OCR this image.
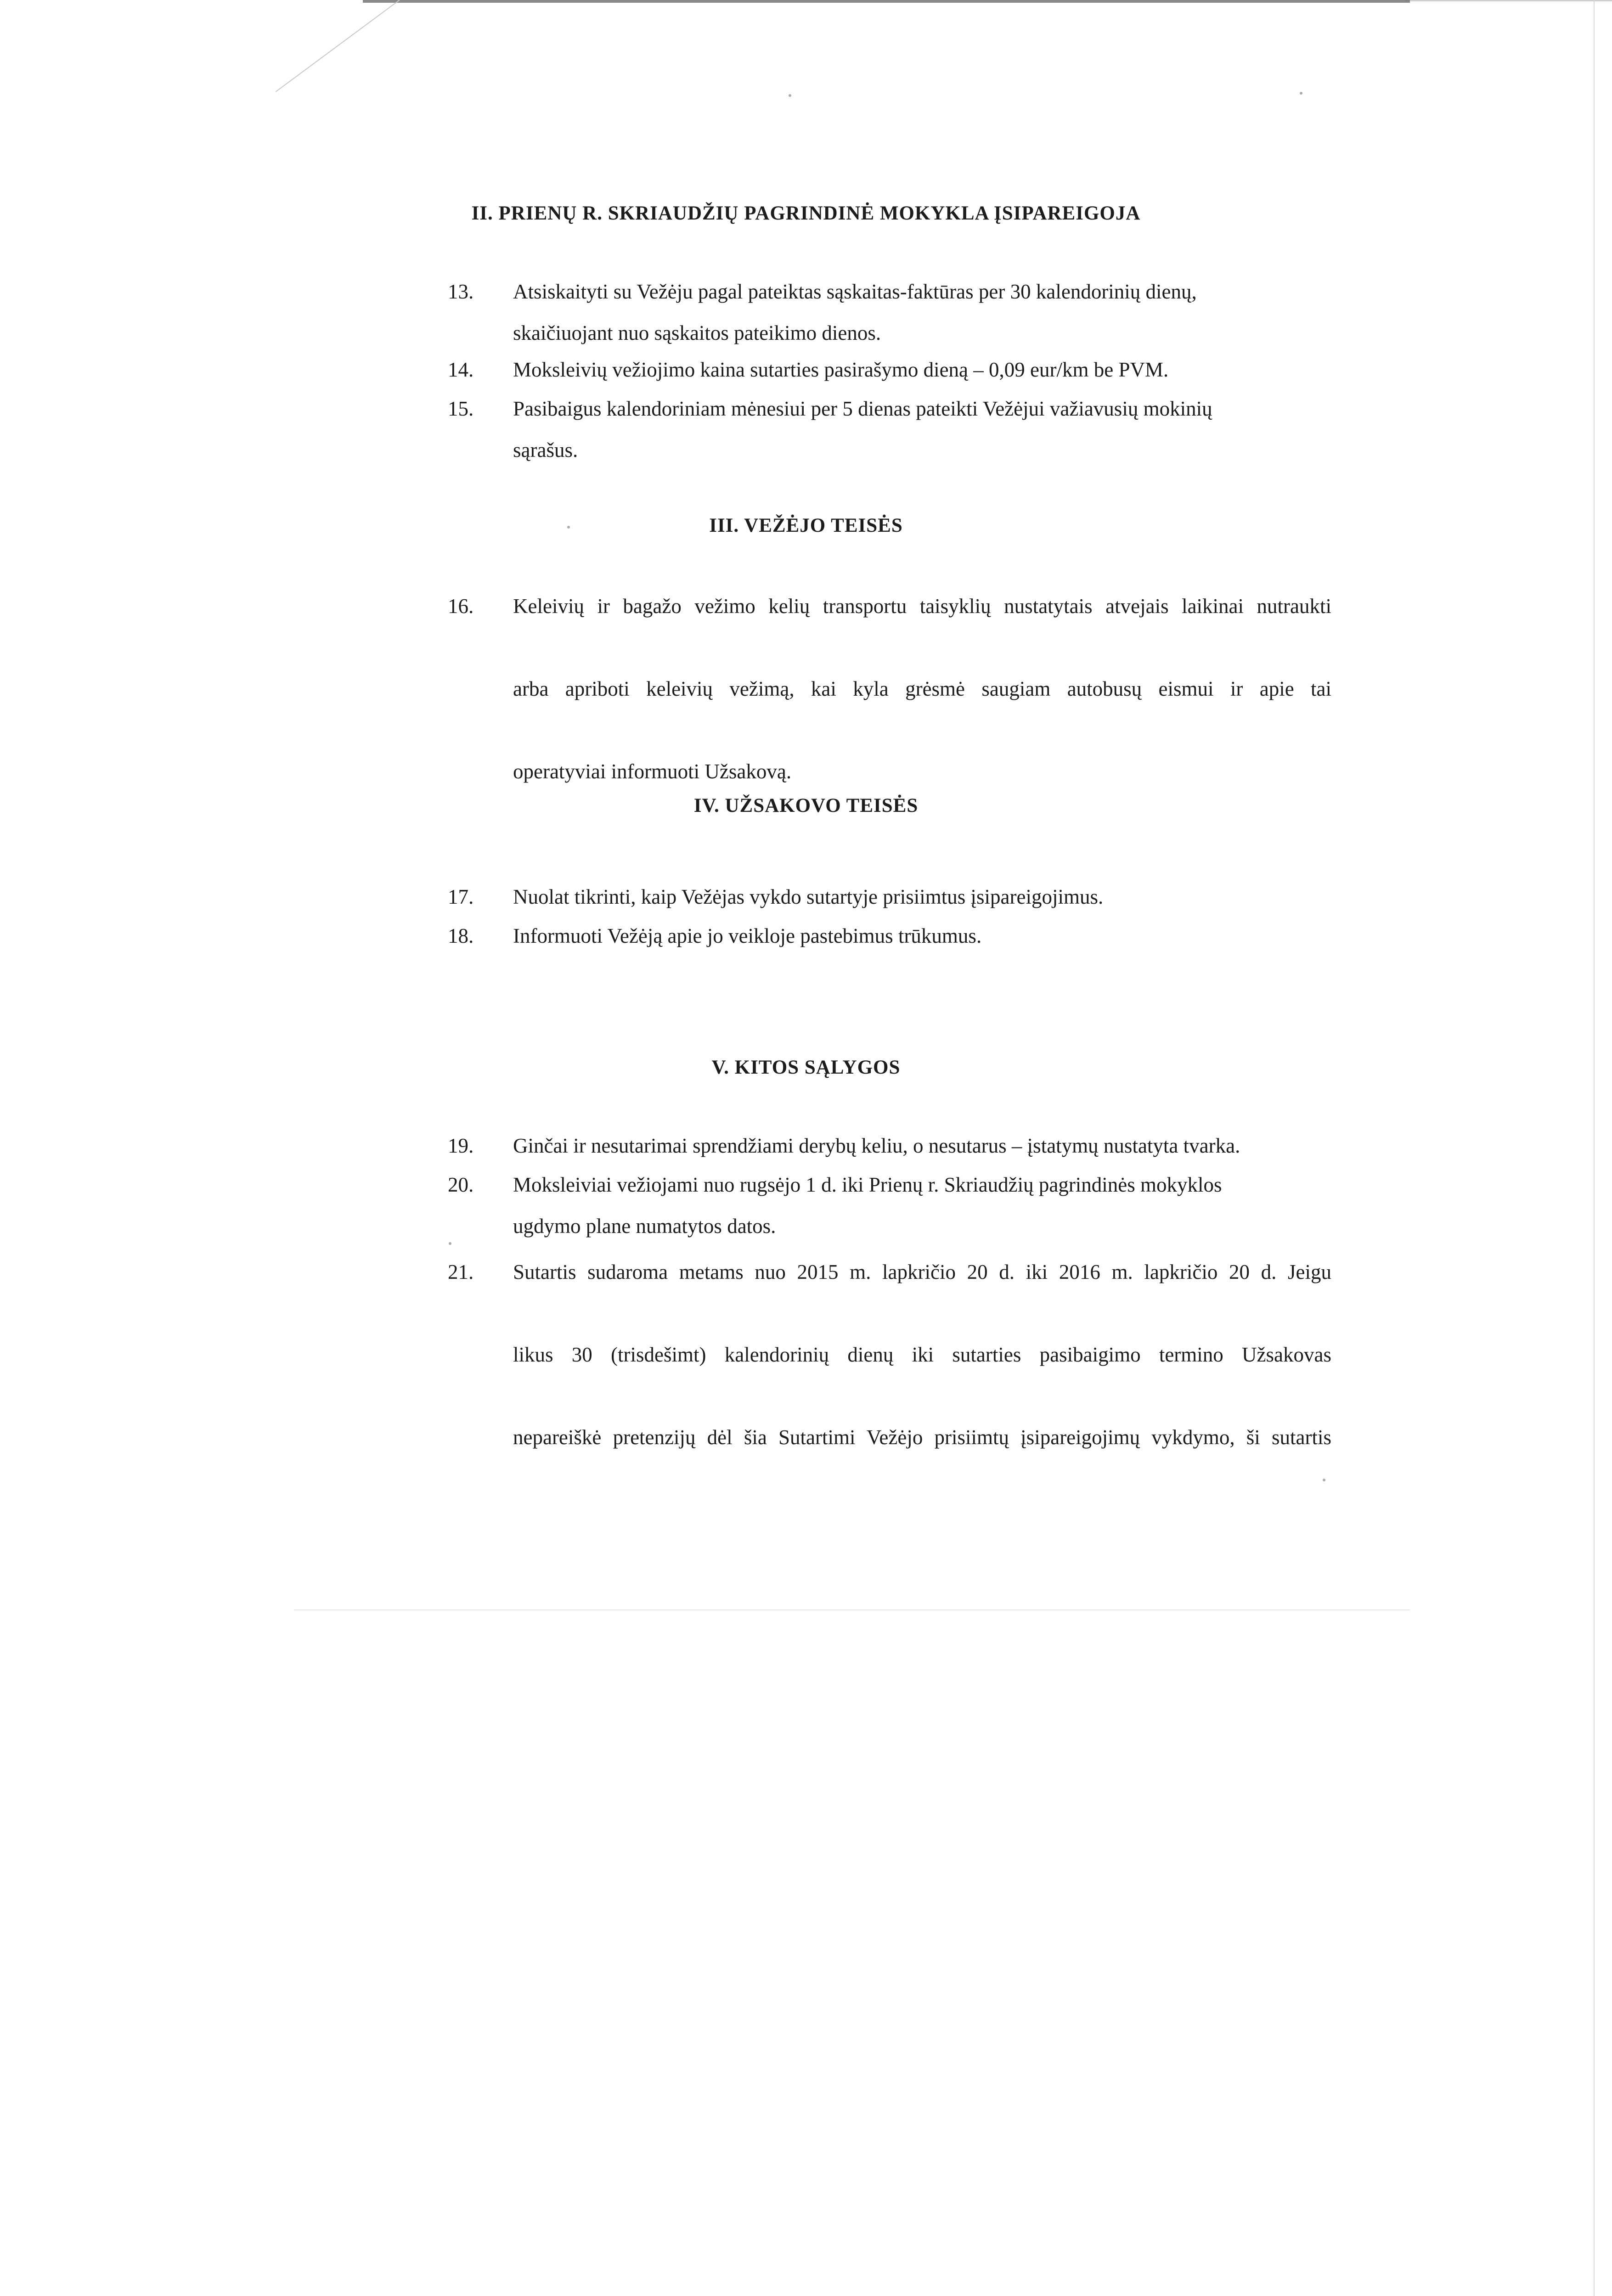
II. PRIENŲ R. SKRIAUDŽIŲ PAGRINDINĖ MOKYKLA ĮSIPAREIGOJA
13.	Atsiskaityti su Vežėju pagal pateiktas sąskaitas-faktūras per 30 kalendorinių dienų,
skaičiuojant nuo sąskaitos pateikimo dienos.
14.	Moksleivių vežiojimo kaina sutarties pasirašymo dieną – 0,09 eur/km be PVM.
15.	Pasibaigus kalendoriniam mėnesiui per 5 dienas pateikti Vežėjui važiavusių mokinių
sąrašus.
III. VEŽĖJO TEISĖS
16.	Keleivių ir bagažo vežimo kelių transportu taisyklių nustatytais atvejais laikinai nutraukti
arba apriboti keleivių vežimą, kai kyla grėsmė saugiam autobusų eismui ir apie tai
operatyviai informuoti Užsakovą.
IV. UŽSAKOVO TEISĖS
17.	Nuolat tikrinti, kaip Vežėjas vykdo sutartyje prisiimtus įsipareigojimus.
18.	Informuoti Vežėją apie jo veikloje pastebimus trūkumus.
V. KITOS SĄLYGOS
19.	Ginčai ir nesutarimai sprendžiami derybų keliu, o nesutarus – įstatymų nustatyta tvarka.
20.	Moksleiviai vežiojami nuo rugsėjo 1 d. iki Prienų r. Skriaudžių pagrindinės mokyklos
ugdymo plane numatytos datos.
21.	Sutartis sudaroma metams nuo 2015 m. lapkričio 20 d. iki 2016 m. lapkričio 20 d. Jeigu
likus 30 (trisdešimt) kalendorinių dienų iki sutarties pasibaigimo termino Užsakovas
nepareiškė pretenzijų dėl šia Sutartimi Vežėjo prisiimtų įsipareigojimų vykdymo, ši sutartis
